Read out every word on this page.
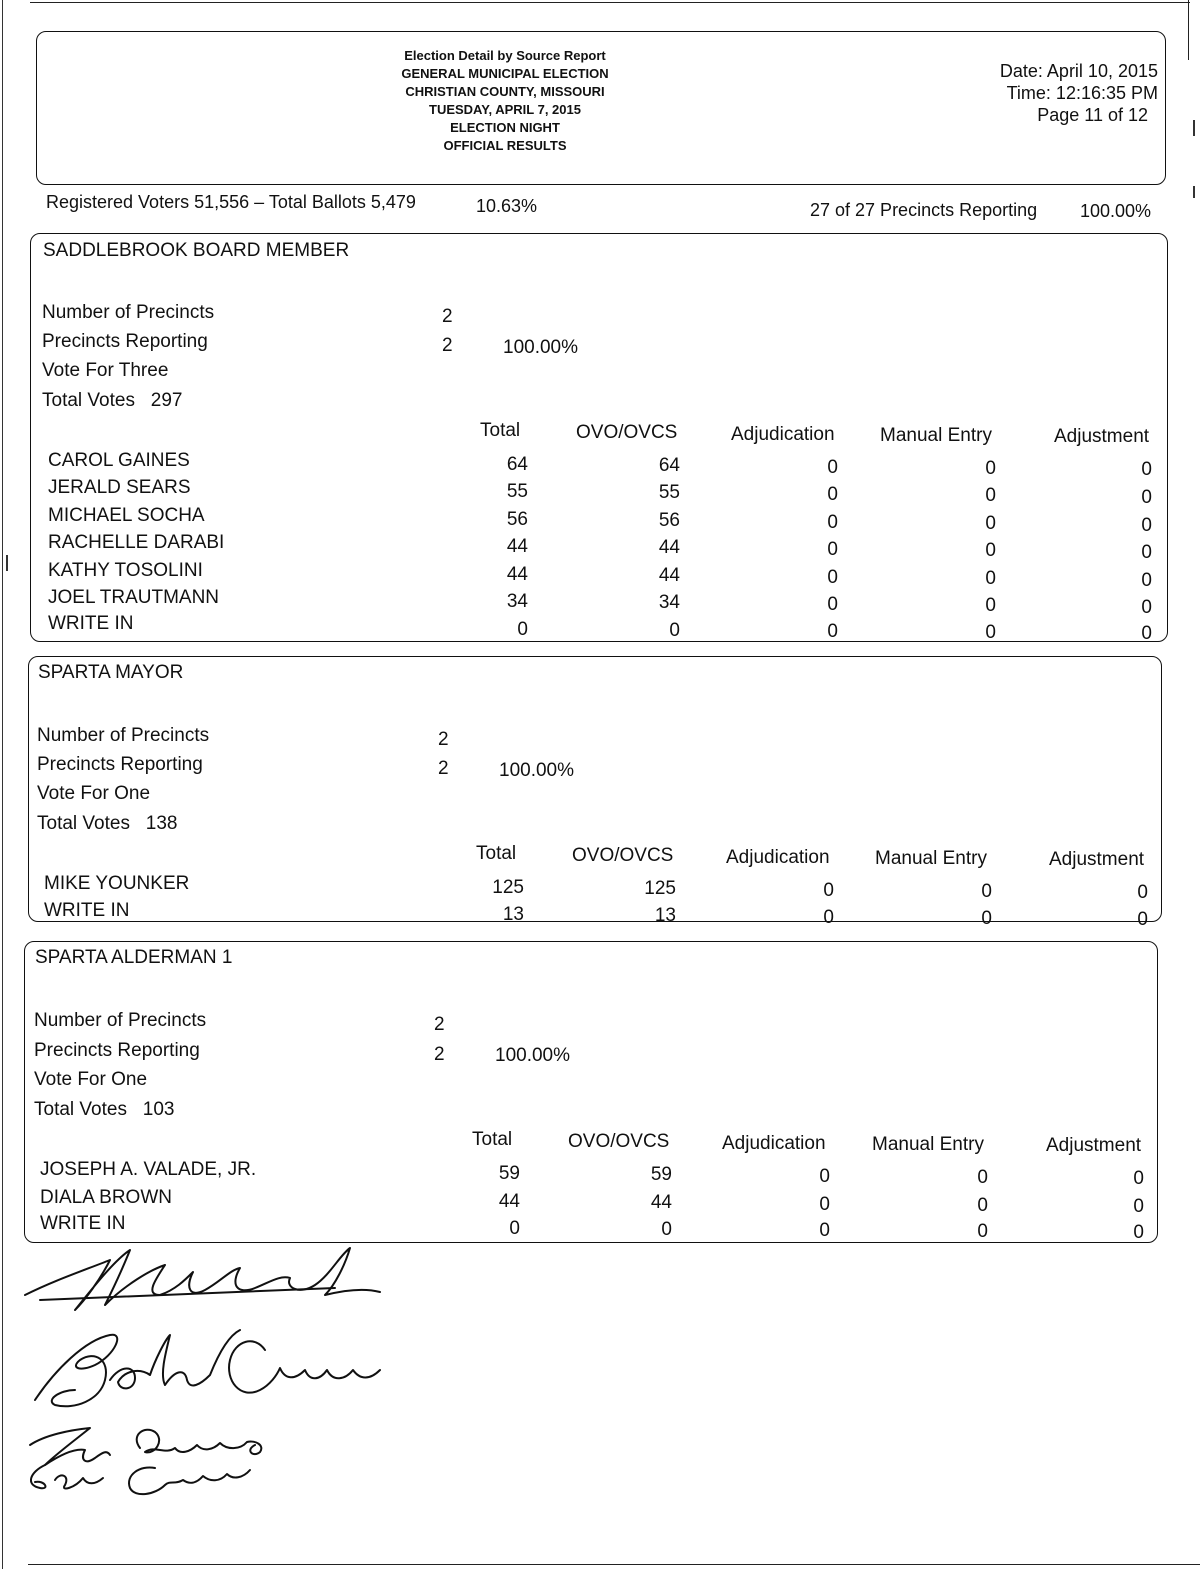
Election Detail by Source Report
GENERAL MUNICIPAL ELECTION
CHRISTIAN COUNTY, MISSOURI
TUESDAY, APRIL 7, 2015
ELECTION NIGHT
OFFICIAL RESULTS
Date: April 10, 2015
Time: 12:16:35 PM
Page 11 of 12
Registered Voters 51,556 – Total Ballots 5,479	10.63%	27 of 27 Precincts Reporting 100.00%
SADDLEBROOK BOARD MEMBER
Number of Precincts	2
Precincts Reporting	2	100.00%
Vote For Three
Total Votes 297
Total	OVO/OVCS	Adjudication Manual Entry	Adjustment
CAROL GAINES	64	64	0	0	0
JERALD SEARS	55	55	0	0	0
MICHAEL SOCHA	56	56	0	0	0
RACHELLE DARABI	44	44	0	0	0
KATHY TOSOLINI	44	44	0	0	0
JOEL TRAUTMANN	34	34	0	0	0
WRITE IN	0	0	0	0	0
SPARTA MAYOR
Number of Precincts	2
Precincts Reporting	2	100.00%
Vote For One
Total Votes 138
Total	OVO/OVCS	Adjudication Manual Entry	Adjustment
MIKE YOUNKER	125	125	0	0	0
WRITE IN	13	13	0	0	0
SPARTA ALDERMAN 1
Number of Precincts	2
Precincts Reporting	2	100.00%
Vote For One
Total Votes 103
Total	OVO/OVCS	Adjudication Manual Entry	Adjustment
JOSEPH A. VALADE, JR.	59	59	0	0	0
DIALA BROWN	44	44	0	0	0
WRITE IN	0	0	0	0	0
